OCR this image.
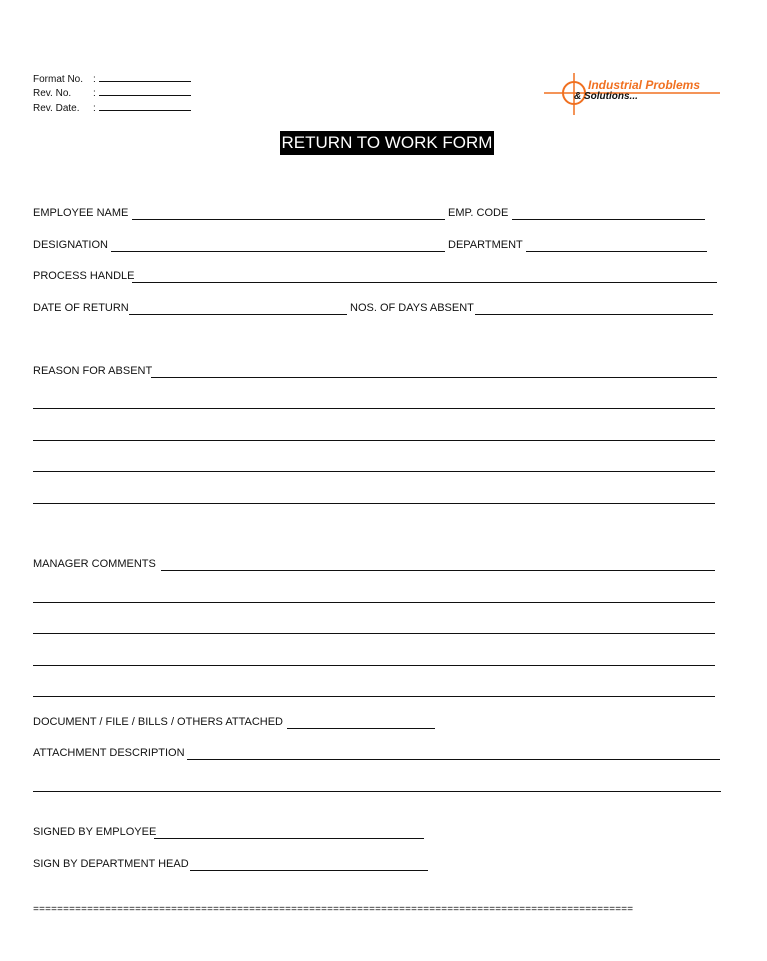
Format No. :
Rev. No. :
Rev. Date. :
Industrial Problems
& Solutions...
RETURN TO WORK FORM
EMPLOYEE NAME	EMP. CODE
DESIGNATION	DEPARTMENT
PROCESS HANDLE
DATE OF RETURN	NOS. OF DAYS ABSENT
REASON FOR ABSENT
MANAGER COMMENTS
DOCUMENT / FILE / BILLS / OTHERS ATTACHED
ATTACHMENT DESCRIPTION
SIGNED BY EMPLOYEE
SIGN BY DEPARTMENT HEAD
====================================================================================================
